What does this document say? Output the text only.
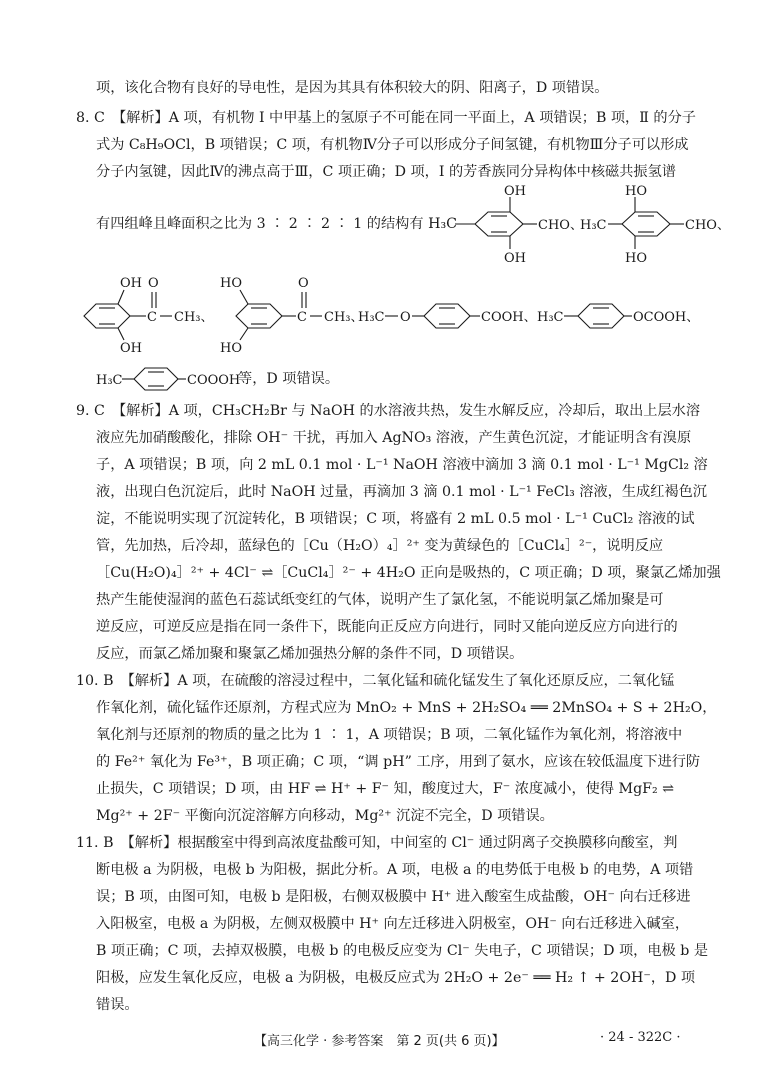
项，该化合物有良好的导电性，是因为其具有体积较大的阴、阳离子，D 项错误。
8. C　【解析】A 项，有机物 Ⅰ 中甲基上的氢原子不可能在同一平面上，A 项错误；B 项，Ⅱ 的分子
式为 C₈H₉OCl，B 项错误；C 项，有机物Ⅳ分子可以形成分子间氢键，有机物Ⅲ分子可以形成
分子内氢键，因此Ⅳ的沸点高于Ⅲ，C 项正确；D 项，Ⅰ 的芳香族同分异构体中核磁共振氢谱
有四组峰且峰面积之比为 3 ∶ 2 ∶ 2 ∶ 1 的结构有 H₃C
OH
OH
CHO、
H₃C
HO
HO
CHO、
OH
OH
O
C CH₃、
HO
HO
O
C CH₃、
H₃C O	COOH、 H₃C	OCOOH、
H₃C	COOOH
等，D 项错误。
9. C　【解析】A 项，CH₃CH₂Br 与 NaOH 的水溶液共热，发生水解反应，冷却后，取出上层水溶
液应先加硝酸酸化，排除 OH⁻ 干扰，再加入 AgNO₃ 溶液，产生黄色沉淀，才能证明含有溴原
子，A 项错误；B 项，向 2 mL 0.1 mol · L⁻¹ NaOH 溶液中滴加 3 滴 0.1 mol · L⁻¹ MgCl₂ 溶
液，出现白色沉淀后，此时 NaOH 过量，再滴加 3 滴 0.1 mol · L⁻¹ FeCl₃ 溶液，生成红褐色沉
淀，不能说明实现了沉淀转化，B 项错误；C 项，将盛有 2 mL 0.5 mol · L⁻¹ CuCl₂ 溶液的试
管，先加热，后冷却，蓝绿色的［Cu（H₂O）₄］²⁺ 变为黄绿色的［CuCl₄］²⁻，说明反应
［Cu(H₂O)₄］²⁺ + 4Cl⁻ ⇌［CuCl₄］²⁻ + 4H₂O 正向是吸热的，C 项正确；D 项，聚氯乙烯加强
热产生能使湿润的蓝色石蕊试纸变红的气体，说明产生了氯化氢，不能说明氯乙烯加聚是可
逆反应，可逆反应是指在同一条件下，既能向正反应方向进行，同时又能向逆反应方向进行的
反应，而氯乙烯加聚和聚氯乙烯加强热分解的条件不同，D 项错误。
10. B　【解析】A 项，在硫酸的溶浸过程中，二氧化锰和硫化锰发生了氧化还原反应，二氧化锰
作氧化剂，硫化锰作还原剂，方程式应为 MnO₂ + MnS + 2H₂SO₄ ══ 2MnSO₄ + S + 2H₂O，
氧化剂与还原剂的物质的量之比为 1 ∶ 1，A 项错误；B 项，二氧化锰作为氧化剂，将溶液中
的 Fe²⁺ 氧化为 Fe³⁺，B 项正确；C 项，“调 pH” 工序，用到了氨水，应该在较低温度下进行防
止损失，C 项错误；D 项，由 HF ⇌ H⁺ + F⁻ 知，酸度过大，F⁻ 浓度减小，使得 MgF₂ ⇌
Mg²⁺ + 2F⁻ 平衡向沉淀溶解方向移动，Mg²⁺ 沉淀不完全，D 项错误。
11. B　【解析】根据酸室中得到高浓度盐酸可知，中间室的 Cl⁻ 通过阴离子交换膜移向酸室，判
断电极 a 为阴极，电极 b 为阳极，据此分析。A 项，电极 a 的电势低于电极 b 的电势，A 项错
误；B 项，由图可知，电极 b 是阳极，右侧双极膜中 H⁺ 进入酸室生成盐酸，OH⁻ 向右迁移进
入阳极室，电极 a 为阴极，左侧双极膜中 H⁺ 向左迁移进入阴极室，OH⁻ 向右迁移进入碱室，
B 项正确；C 项，去掉双极膜，电极 b 的电极反应变为 Cl⁻ 失电子，C 项错误；D 项，电极 b 是
阳极，应发生氧化反应，电极 a 为阴极，电极反应式为 2H₂O + 2e⁻ ══ H₂ ↑ + 2OH⁻，D 项
错误。
【高三化学 · 参考答案　第 2 页(共 6 页)】	· 24 - 322C ·
